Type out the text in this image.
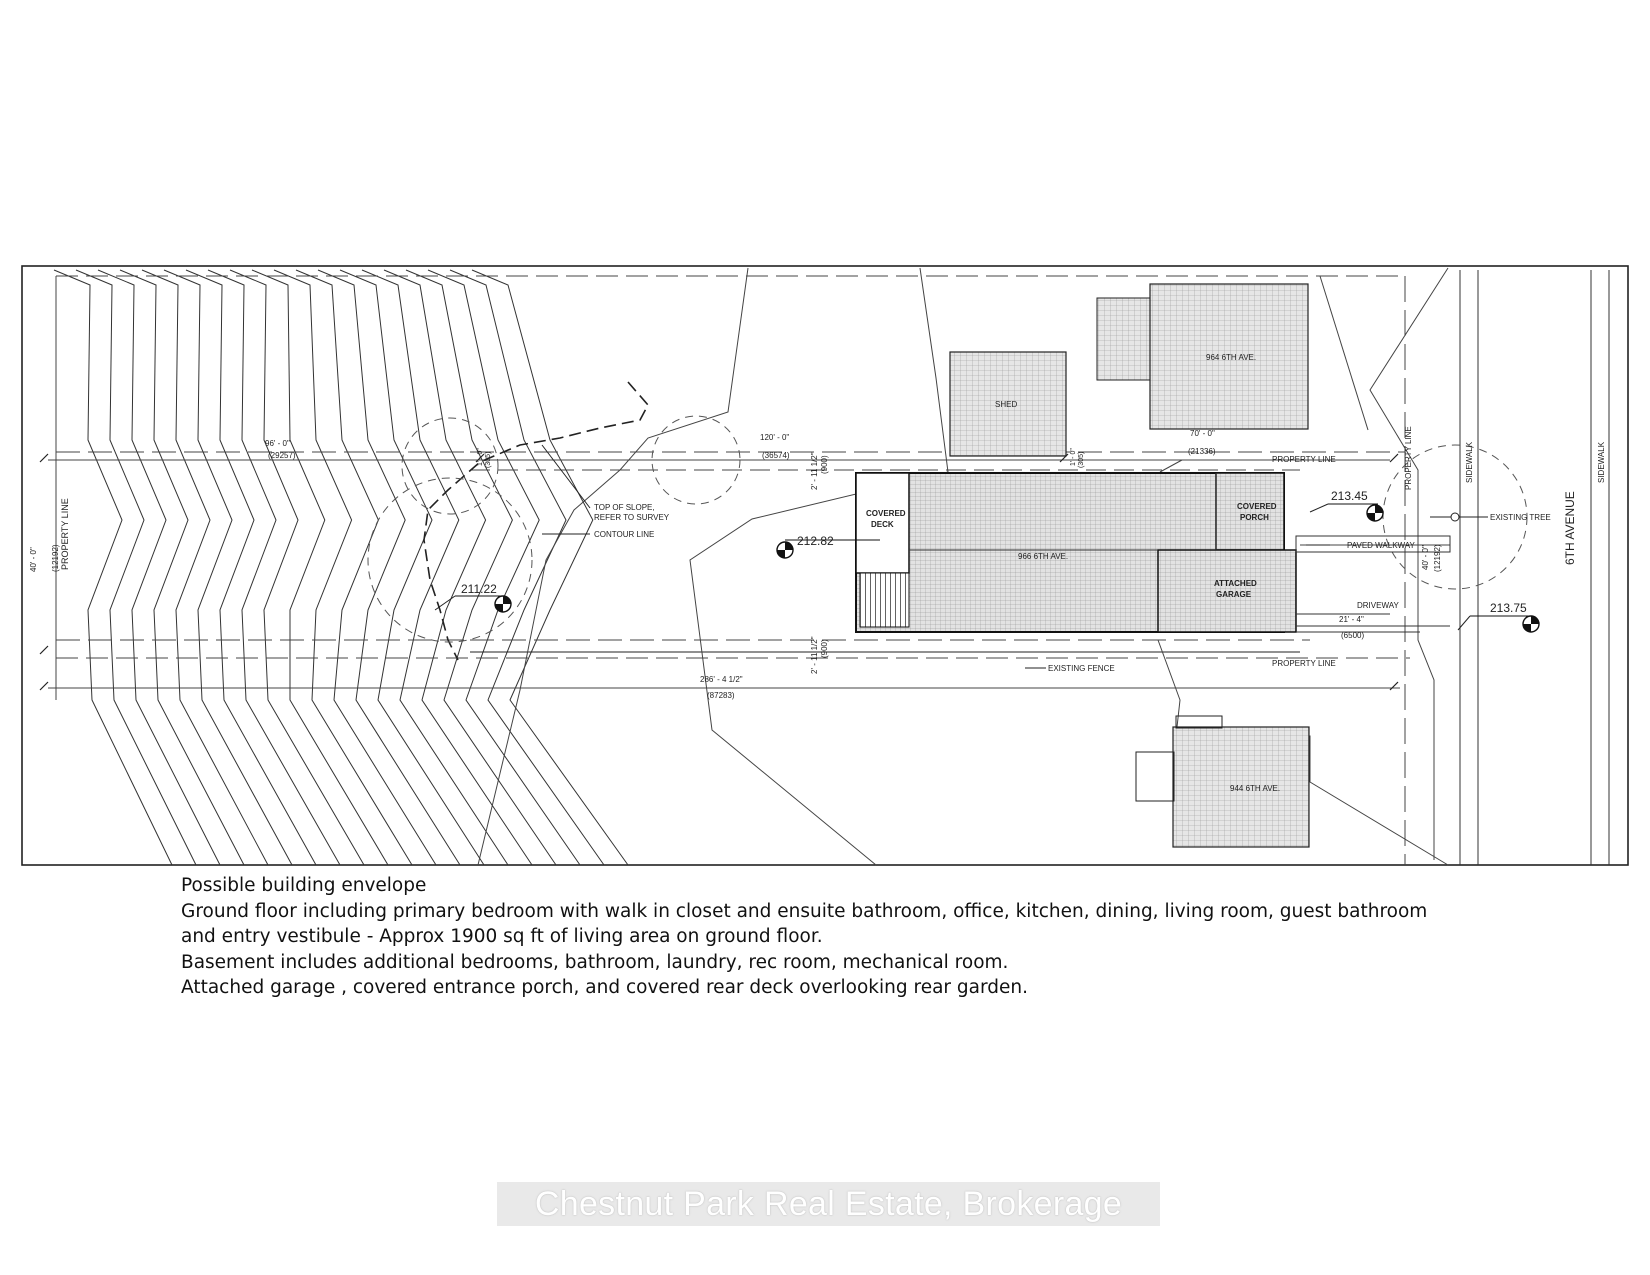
PROPERTY LINE
40' - 0" (12192)
96' - 0"
(29257)
120' - 0"
(36574)
70' - 0"
(21336)
PROPERTY LINE
PROPERTY LINE
PROPERTY LINE
286' - 4 1/2"
(87283)
2' - 11 1/2" (900)
2' - 11 1/2" (900)
1' - 0" (305)	1' - 0" (305)
SHED
964 6TH AVE.
966 6TH AVE.
944 6TH AVE.
COVERED
DECK
COVERED
PORCH
ATTACHED
GARAGE
PAVED WALKWAY
DRIVEWAY
21' - 4"
(6500)
40' - 0" (12192)
EXISTING TREE
EXISTING FENCE
TOP OF SLOPE,
REFER TO SURVEY
CONTOUR LINE
SIDEWALK	SIDEWALK
6TH AVENUE
212.82
211.22
213.45
213.75
Possible building envelope
Ground floor including primary bedroom with walk in closet and ensuite bathroom, office, kitchen, dining, living room, guest bathroom
and entry vestibule - Approx 1900 sq ft of living area on ground floor.
Basement includes additional bedrooms, bathroom, laundry, rec room, mechanical room.
Attached garage , covered entrance porch, and covered rear deck overlooking rear garden.
Chestnut Park Real Estate, Brokerage
